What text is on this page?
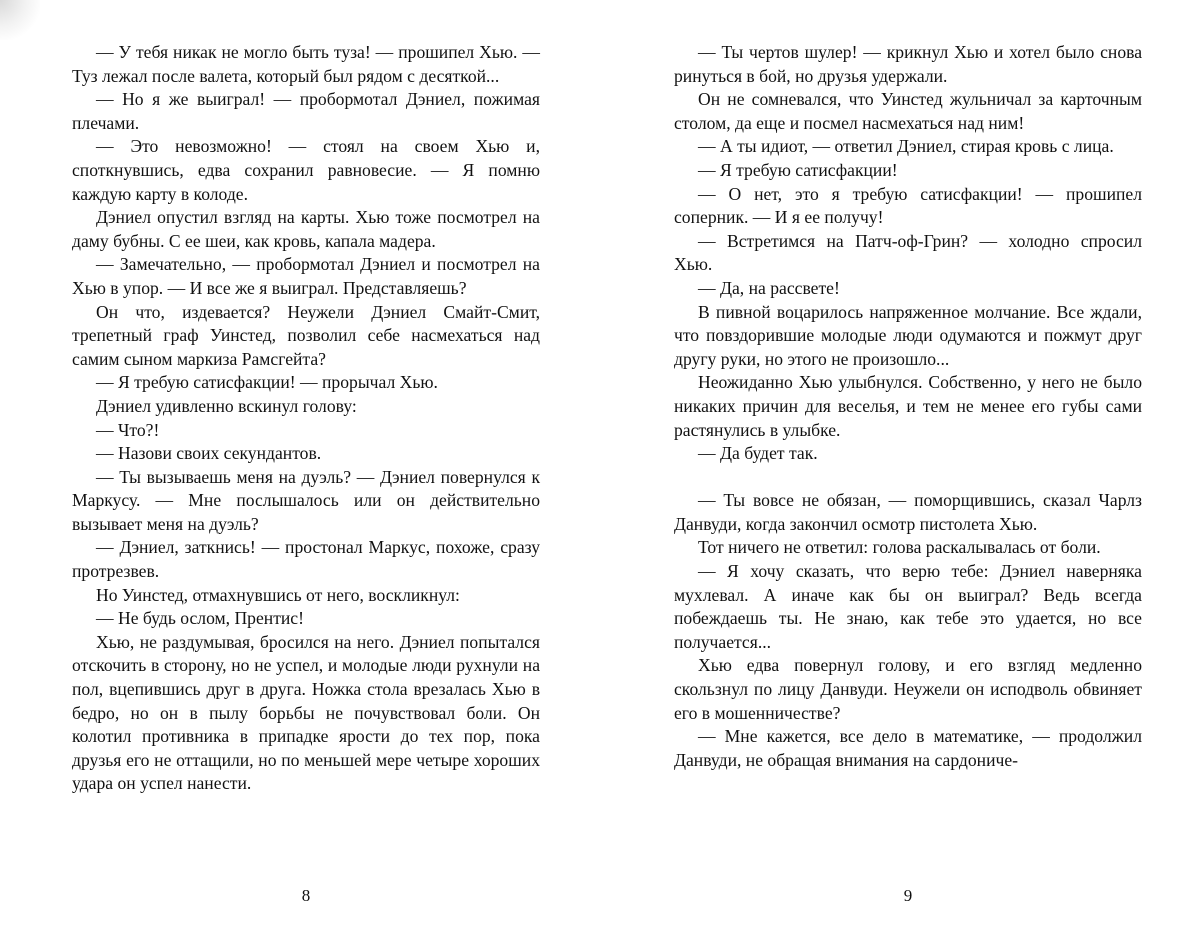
— У тебя никак не могло быть туза! — прошипел Хью. — Туз лежал после валета, который был рядом с десяткой...

— Но я же выиграл! — пробормотал Дэниел, пожимая плечами.

— Это невозможно! — стоял на своем Хью и, споткнувшись, едва сохранил равновесие. — Я помню каждую карту в колоде.

Дэниел опустил взгляд на карты. Хью тоже посмотрел на даму бубны. С ее шеи, как кровь, капала мадера.

— Замечательно, — пробормотал Дэниел и посмотрел на Хью в упор. — И все же я выиграл. Представляешь?

Он что, издевается? Неужели Дэниел Смайт-Смит, трепетный граф Уинстед, позволил себе насмехаться над самим сыном маркиза Рамсгейта?

— Я требую сатисфакции! — прорычал Хью.

Дэниел удивленно вскинул голову:

— Что?!

— Назови своих секундантов.

— Ты вызываешь меня на дуэль? — Дэниел повернулся к Маркусу. — Мне послышалось или он действительно вызывает меня на дуэль?

— Дэниел, заткнись! — простонал Маркус, похоже, сразу протрезвев.

Но Уинстед, отмахнувшись от него, воскликнул:

— Не будь ослом, Прентис!

Хью, не раздумывая, бросился на него. Дэниел попытался отскочить в сторону, но не успел, и молодые люди рухнули на пол, вцепившись друг в друга. Ножка стола врезалась Хью в бедро, но он в пылу борьбы не почувствовал боли. Он колотил противника в припадке ярости до тех пор, пока друзья его не оттащили, но по меньшей мере четыре хороших удара он успел нанести.

— Ты чертов шулер! — крикнул Хью и хотел было снова ринуться в бой, но друзья удержали.

Он не сомневался, что Уинстед жульничал за карточным столом, да еще и посмел насмехаться над ним!

— А ты идиот, — ответил Дэниел, стирая кровь с лица.

— Я требую сатисфакции!

— О нет, это я требую сатисфакции! — прошипел соперник. — И я ее получу!

— Встретимся на Патч-оф-Грин? — холодно спросил Хью.

— Да, на рассвете!

В пивной воцарилось напряженное молчание. Все ждали, что повздорившие молодые люди одумаются и пожмут друг другу руки, но этого не произошло...

Неожиданно Хью улыбнулся. Собственно, у него не было никаких причин для веселья, и тем не менее его губы сами растянулись в улыбке.

— Да будет так.

— Ты вовсе не обязан, — поморщившись, сказал Чарлз Данвуди, когда закончил осмотр пистолета Хью.

Тот ничего не ответил: голова раскалывалась от боли.

— Я хочу сказать, что верю тебе: Дэниел наверняка мухлевал. А иначе как бы он выиграл? Ведь всегда побеждаешь ты. Не знаю, как тебе это удается, но все получается...

Хью едва повернул голову, и его взгляд медленно скользнул по лицу Данвуди. Неужели он исподволь обвиняет его в мошенничестве?

— Мне кажется, все дело в математике, — продолжил Данвуди, не обращая внимания на сардониче-

8	9
